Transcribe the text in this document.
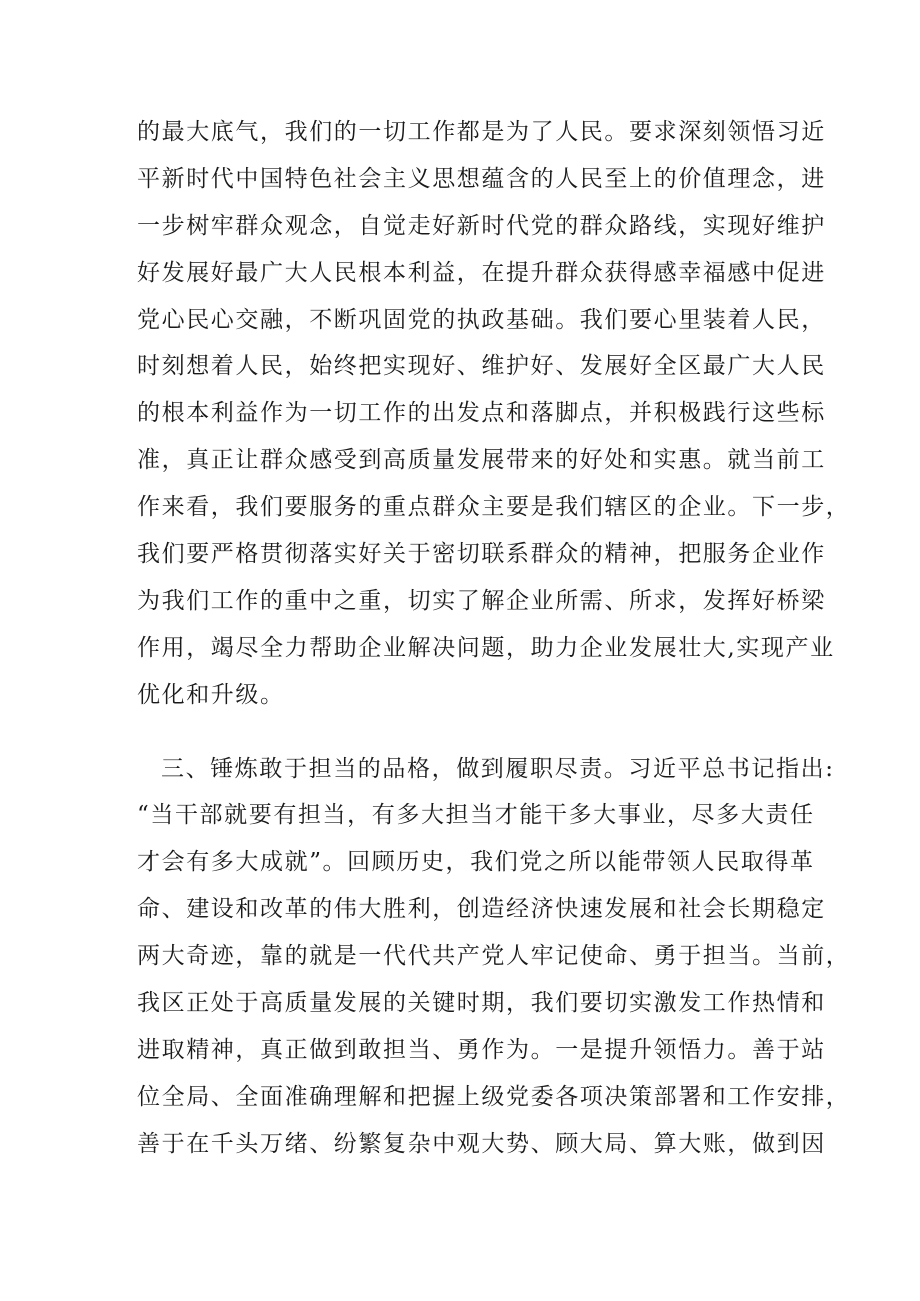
的最大底气，我们的一切工作都是为了人民。要求深刻领悟习近
平新时代中国特色社会主义思想蕴含的人民至上的价值理念，进
一步树牢群众观念，自觉走好新时代党的群众路线，实现好维护
好发展好最广大人民根本利益，在提升群众获得感幸福感中促进
党心民心交融，不断巩固党的执政基础。我们要心里装着人民，
时刻想着人民，始终把实现好、维护好、发展好全区最广大人民
的根本利益作为一切工作的出发点和落脚点，并积极践行这些标
准，真正让群众感受到高质量发展带来的好处和实惠。就当前工
作来看，我们要服务的重点群众主要是我们辖区的企业。下一步，
我们要严格贯彻落实好关于密切联系群众的精神，把服务企业作
为我们工作的重中之重，切实了解企业所需、所求，发挥好桥梁
作用，竭尽全力帮助企业解决问题，助力企业发展壮大,实现产业
优化和升级。
三、锤炼敢于担当的品格，做到履职尽责。习近平总书记指出:
“当干部就要有担当，有多大担当才能干多大事业，尽多大责任
才会有多大成就”。回顾历史，我们党之所以能带领人民取得革
命、建设和改革的伟大胜利，创造经济快速发展和社会长期稳定
两大奇迹，靠的就是一代代共产党人牢记使命、勇于担当。当前，
我区正处于高质量发展的关键时期，我们要切实激发工作热情和
进取精神，真正做到敢担当、勇作为。一是提升领悟力。善于站
位全局、全面准确理解和把握上级党委各项决策部署和工作安排，
善于在千头万绪、纷繁复杂中观大势、顾大局、算大账，做到因
